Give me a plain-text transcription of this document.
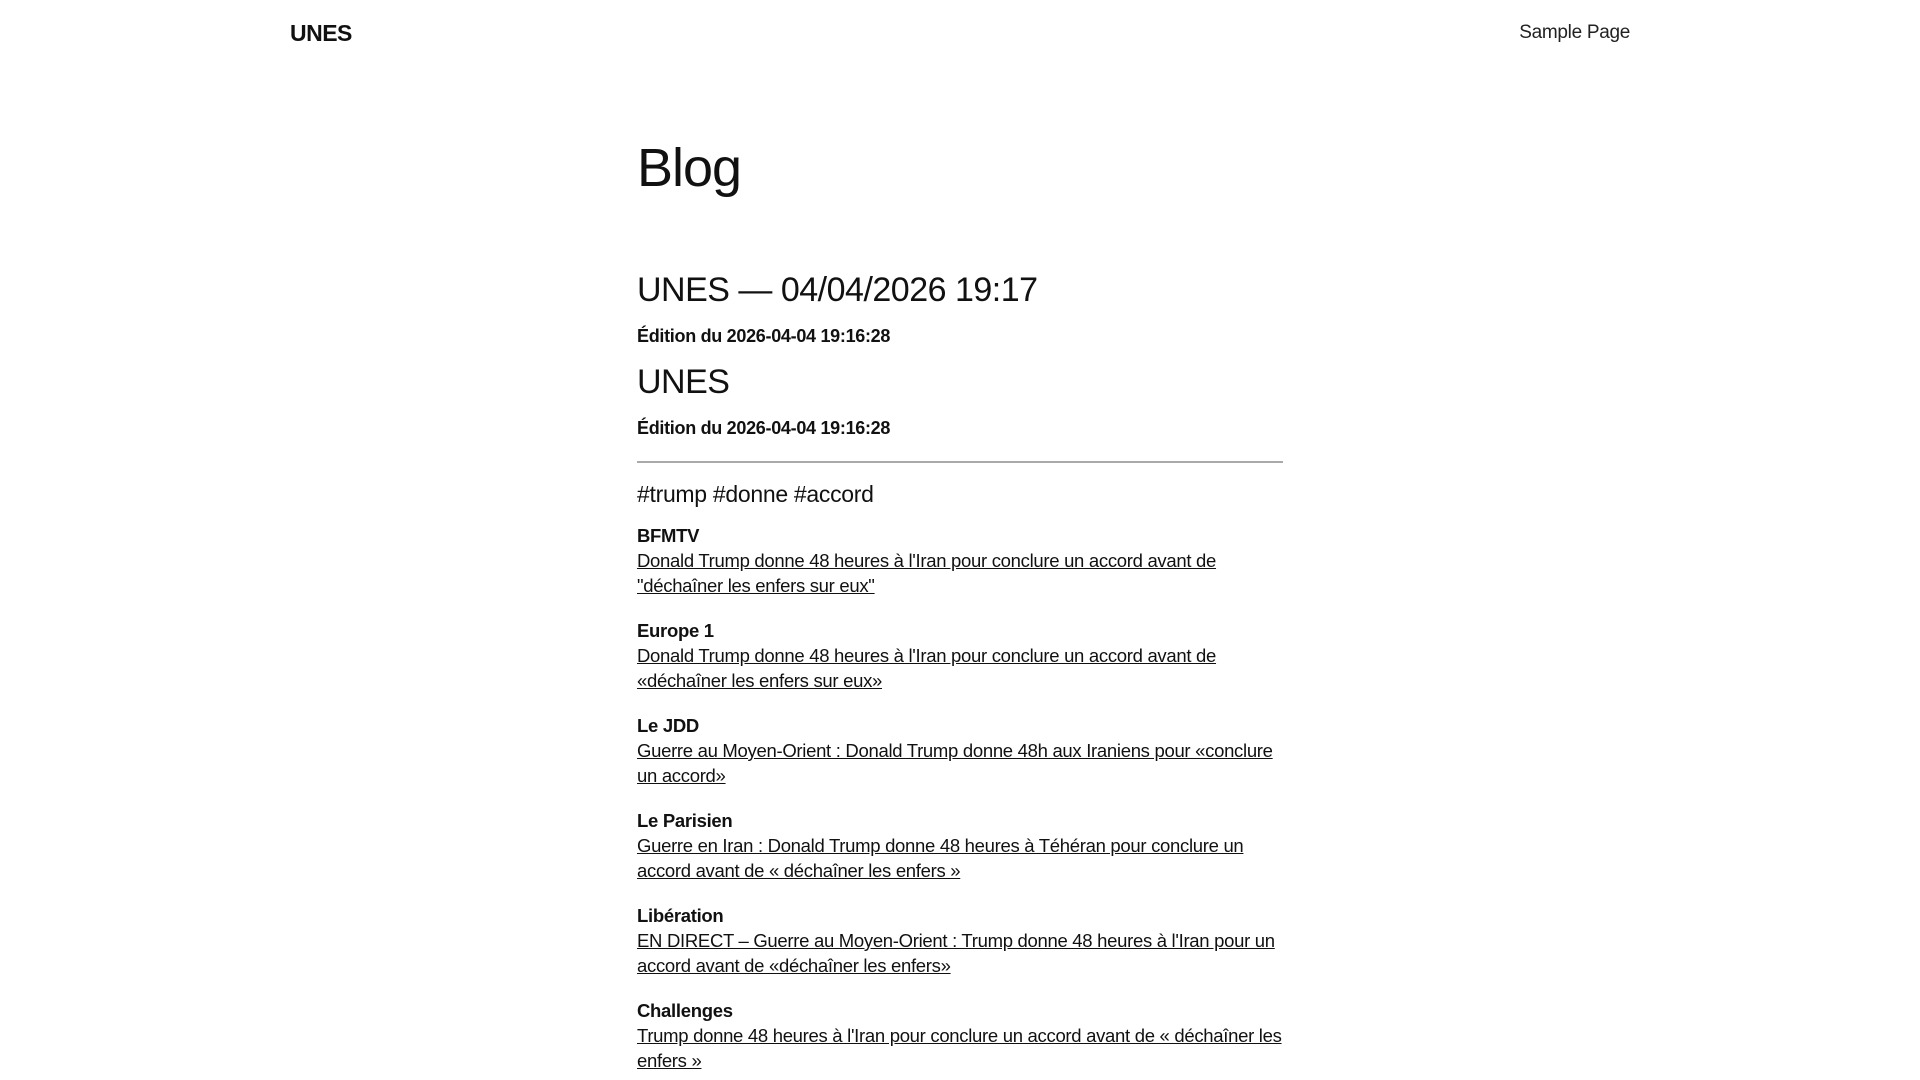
UNES	Sample Page
Blog
UNES — 04/04/2026 19:17
Édition du 2026-04-04 19:16:28
UNES
Édition du 2026-04-04 19:16:28
#trump #donne #accord
BFMTV
Donald Trump donne 48 heures à l'Iran pour conclure un accord avant de "déchaîner les enfers sur eux"
Europe 1
Donald Trump donne 48 heures à l'Iran pour conclure un accord avant de «déchaîner les enfers sur eux»
Le JDD
Guerre au Moyen-Orient : Donald Trump donne 48h aux Iraniens pour «conclure un accord»
Le Parisien
Guerre en Iran : Donald Trump donne 48 heures à Téhéran pour conclure un accord avant de « déchaîner les enfers »
Libération
EN DIRECT – Guerre au Moyen-Orient : Trump donne 48 heures à l'Iran pour un accord avant de «déchaîner les enfers»
Challenges
Trump donne 48 heures à l'Iran pour conclure un accord avant de « déchaîner les enfers »
